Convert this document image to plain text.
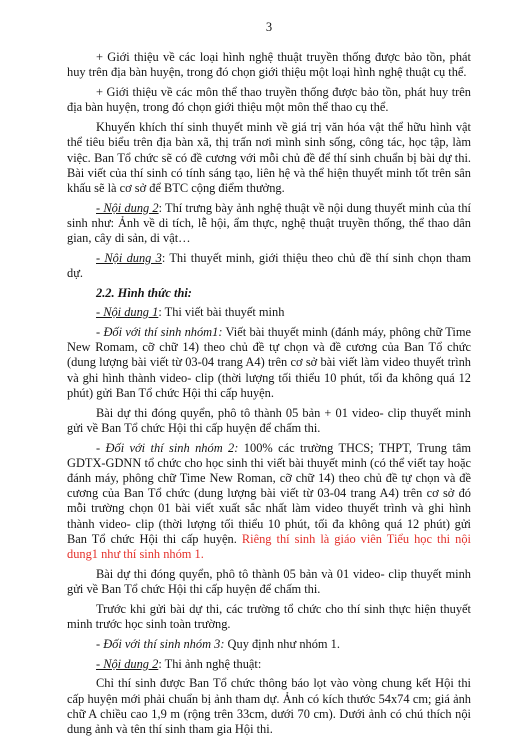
3

+ Giới thiệu về các loại hình nghệ thuật truyền thống được bảo tồn, phát huy trên địa bàn huyện, trong đó chọn giới thiệu một loại hình nghệ thuật cụ thể.

+ Giới thiệu về các môn thể thao truyền thống được bảo tồn, phát huy trên địa bàn huyện, trong đó chọn giới thiệu một môn thể thao cụ thể.

Khuyến khích thí sinh thuyết minh về giá trị văn hóa vật thể hữu hình vật thể tiêu biểu trên địa bàn xã, thị trấn nơi mình sinh sống, công tác, học tập, làm việc. Ban Tổ chức sẽ có đề cương với mỗi chủ đề để thí sinh chuẩn bị bài dự thi. Bài viết của thí sinh có tính sáng tạo, liên hệ và thể hiện thuyết minh tốt trên sân khấu sẽ là cơ sở để BTC cộng điểm thưởng.

- Nội dung 2: Thí trưng bày ảnh nghệ thuật về nội dung thuyết minh của thí sinh như: Ảnh về di tích, lễ hội, ẩm thực, nghệ thuật truyền thống, thể thao dân gian, cây di sản, di vật…

- Nội dung 3: Thi thuyết minh, giới thiệu theo chủ đề thí sinh chọn tham dự.

2.2. Hình thức thi:

- Nội dung 1: Thi viết bài thuyết minh

- Đối với thí sinh nhóm1: Viết bài thuyết minh (đánh máy, phông chữ Time New Romam, cỡ chữ 14) theo chủ đề tự chọn và đề cương của Ban Tổ chức (dung lượng bài viết từ 03-04 trang A4) trên cơ sở bài viết làm video thuyết trình và ghi hình thành video- clip (thời lượng tối thiểu 10 phút, tối đa không quá 12 phút) gửi Ban Tổ chức Hội thi cấp huyện.

Bài dự thi đóng quyển, phô tô thành 05 bản + 01 video- clip thuyết minh gửi về Ban Tổ chức Hội thi cấp huyện để chấm thi.

- Đối với thí sinh nhóm 2: 100% các trường THCS; THPT, Trung tâm GDTX-GDNN tổ chức cho học sinh thi viết bài thuyết minh (có thể viết tay hoặc đánh máy, phông chữ Time New Roman, cỡ chữ 14) theo chủ đề tự chọn và đề cương của Ban Tổ chức (dung lượng bài viết từ 03-04 trang A4) trên cơ sở đó mỗi trường chọn 01 bài viết xuất sắc nhất làm video thuyết trình và ghi hình thành video- clip (thời lượng tối thiểu 10 phút, tối đa không quá 12 phút) gửi Ban Tổ chức Hội thi cấp huyện. Riêng thí sinh là giáo viên Tiểu học thi nội dung1 như thí sinh nhóm 1.

Bài dự thi đóng quyển, phô tô thành 05 bản và 01 video- clip thuyết minh gửi về Ban Tổ chức Hội thi cấp huyện để chấm thi.

Trước khi gửi bài dự thi, các trường tổ chức cho thí sinh thực hiện thuyết minh trước học sinh toàn trường.

- Đối với thí sinh nhóm 3: Quy định như nhóm 1.

- Nội dung 2: Thi ảnh nghệ thuật:

Chỉ thí sinh được Ban Tổ chức thông báo lọt vào vòng chung kết Hội thi cấp huyện mới phải chuẩn bị ảnh tham dự. Ảnh có kích thước 54x74 cm; giá ảnh chữ A chiều cao 1,9 m (rộng trên 33cm, dưới 70 cm). Dưới ảnh có chú thích nội dung ảnh và tên thí sinh tham gia Hội thi.
